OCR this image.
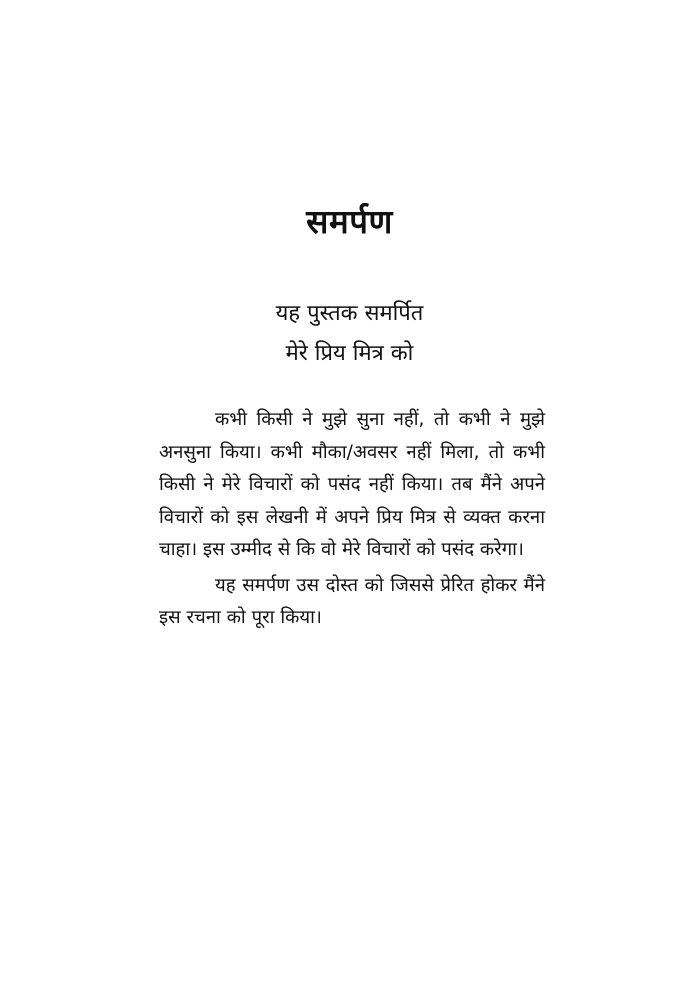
समर्पण
यह पुस्तक समर्पित
मेरे प्रिय मित्र को

कभी किसी ने मुझे सुना नहीं, तो कभी ने मुझे अनसुना किया। कभी मौका/अवसर नहीं मिला, तो कभी किसी ने मेरे विचारों को पसंद नहीं किया। तब मैंने अपने विचारों को इस लेखनी में अपने प्रिय मित्र से व्यक्त करना चाहा। इस उम्मीद से कि वो मेरे विचारों को पसंद करेगा।

यह समर्पण उस दोस्त को जिससे प्रेरित होकर मैंने इस रचना को पूरा किया।
